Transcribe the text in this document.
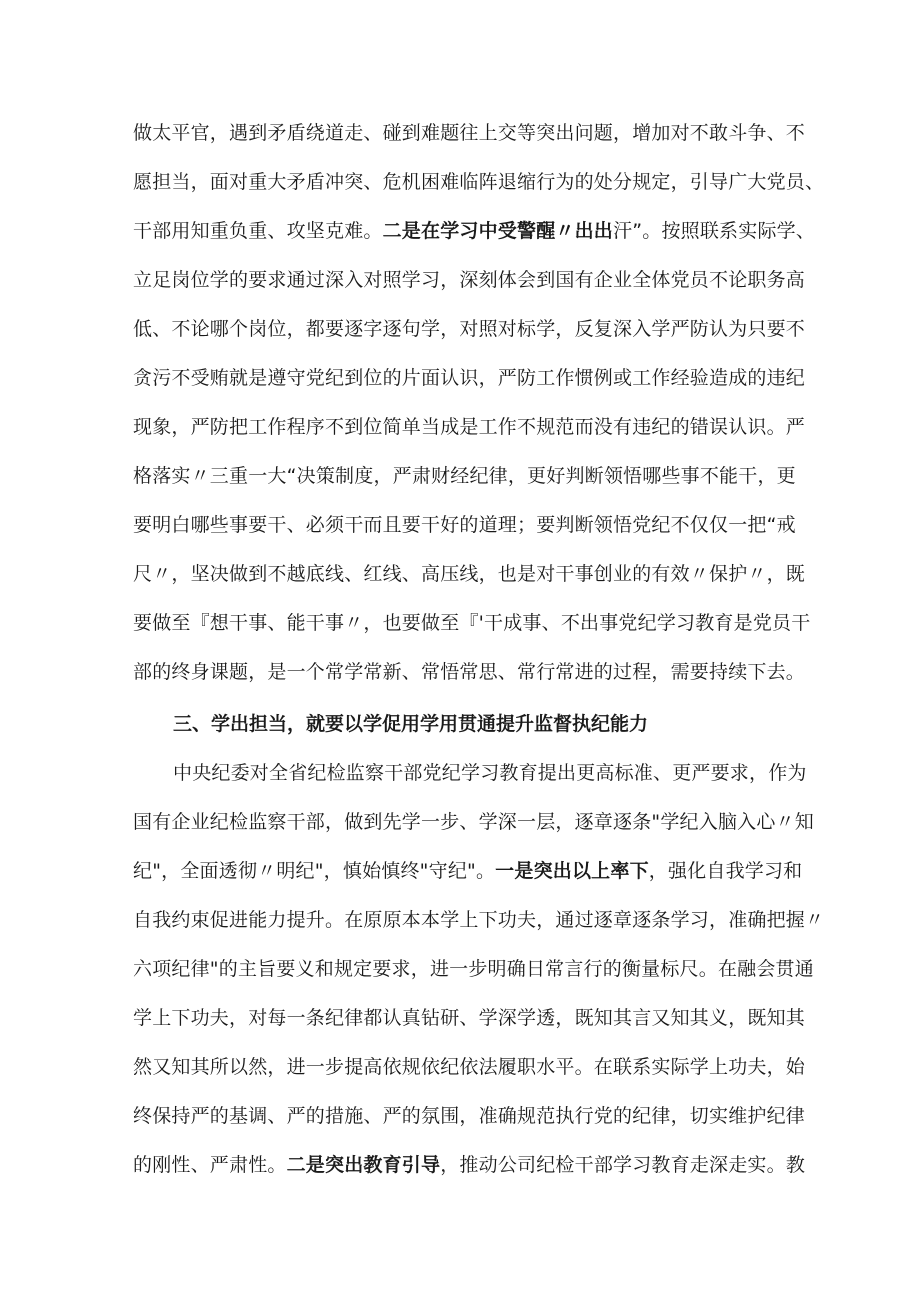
做太平官，遇到矛盾绕道走、碰到难题往上交等突出问题，增加对不敢斗争、不
愿担当，面对重大矛盾冲突、危机困难临阵退缩行为的处分规定，引导广大党员、
干部用知重负重、攻坚克难。二是在学习中受警醒〃出出汗”。按照联系实际学、
立足岗位学的要求通过深入对照学习，深刻体会到国有企业全体党员不论职务高
低、不论哪个岗位，都要逐字逐句学，对照对标学，反复深入学严防认为只要不
贪污不受贿就是遵守党纪到位的片面认识，严防工作惯例或工作经验造成的违纪
现象，严防把工作程序不到位简单当成是工作不规范而没有违纪的错误认识。严
格落实〃三重一大“决策制度，严肃财经纪律，更好判断领悟哪些事不能干，更
要明白哪些事要干、必须干而且要干好的道理；要判断领悟党纪不仅仅一把“戒
尺〃，坚决做到不越底线、红线、高压线，也是对干事创业的有效〃保护〃，既
要做至『想干事、能干事〃，也要做至『'干成事、不出事党纪学习教育是党员干
部的终身课题，是一个常学常新、常悟常思、常行常进的过程，需要持续下去。
三、学出担当，就要以学促用学用贯通提升监督执纪能力
中央纪委对全省纪检监察干部党纪学习教育提出更高标准、更严要求，作为
国有企业纪检监察干部，做到先学一步、学深一层，逐章逐条"学纪入脑入心〃知
纪"，全面透彻〃明纪"，慎始慎终"守纪"。一是突出以上率下，强化自我学习和
自我约束促进能力提升。在原原本本学上下功夫，通过逐章逐条学习，准确把握〃
六项纪律"的主旨要义和规定要求，进一步明确日常言行的衡量标尺。在融会贯通
学上下功夫，对每一条纪律都认真钻研、学深学透，既知其言又知其义，既知其
然又知其所以然，进一步提高依规依纪依法履职水平。在联系实际学上功夫，始
终保持严的基调、严的措施、严的氛围，准确规范执行党的纪律，切实维护纪律
的刚性、严肃性。二是突出教育引导，推动公司纪检干部学习教育走深走实。教
